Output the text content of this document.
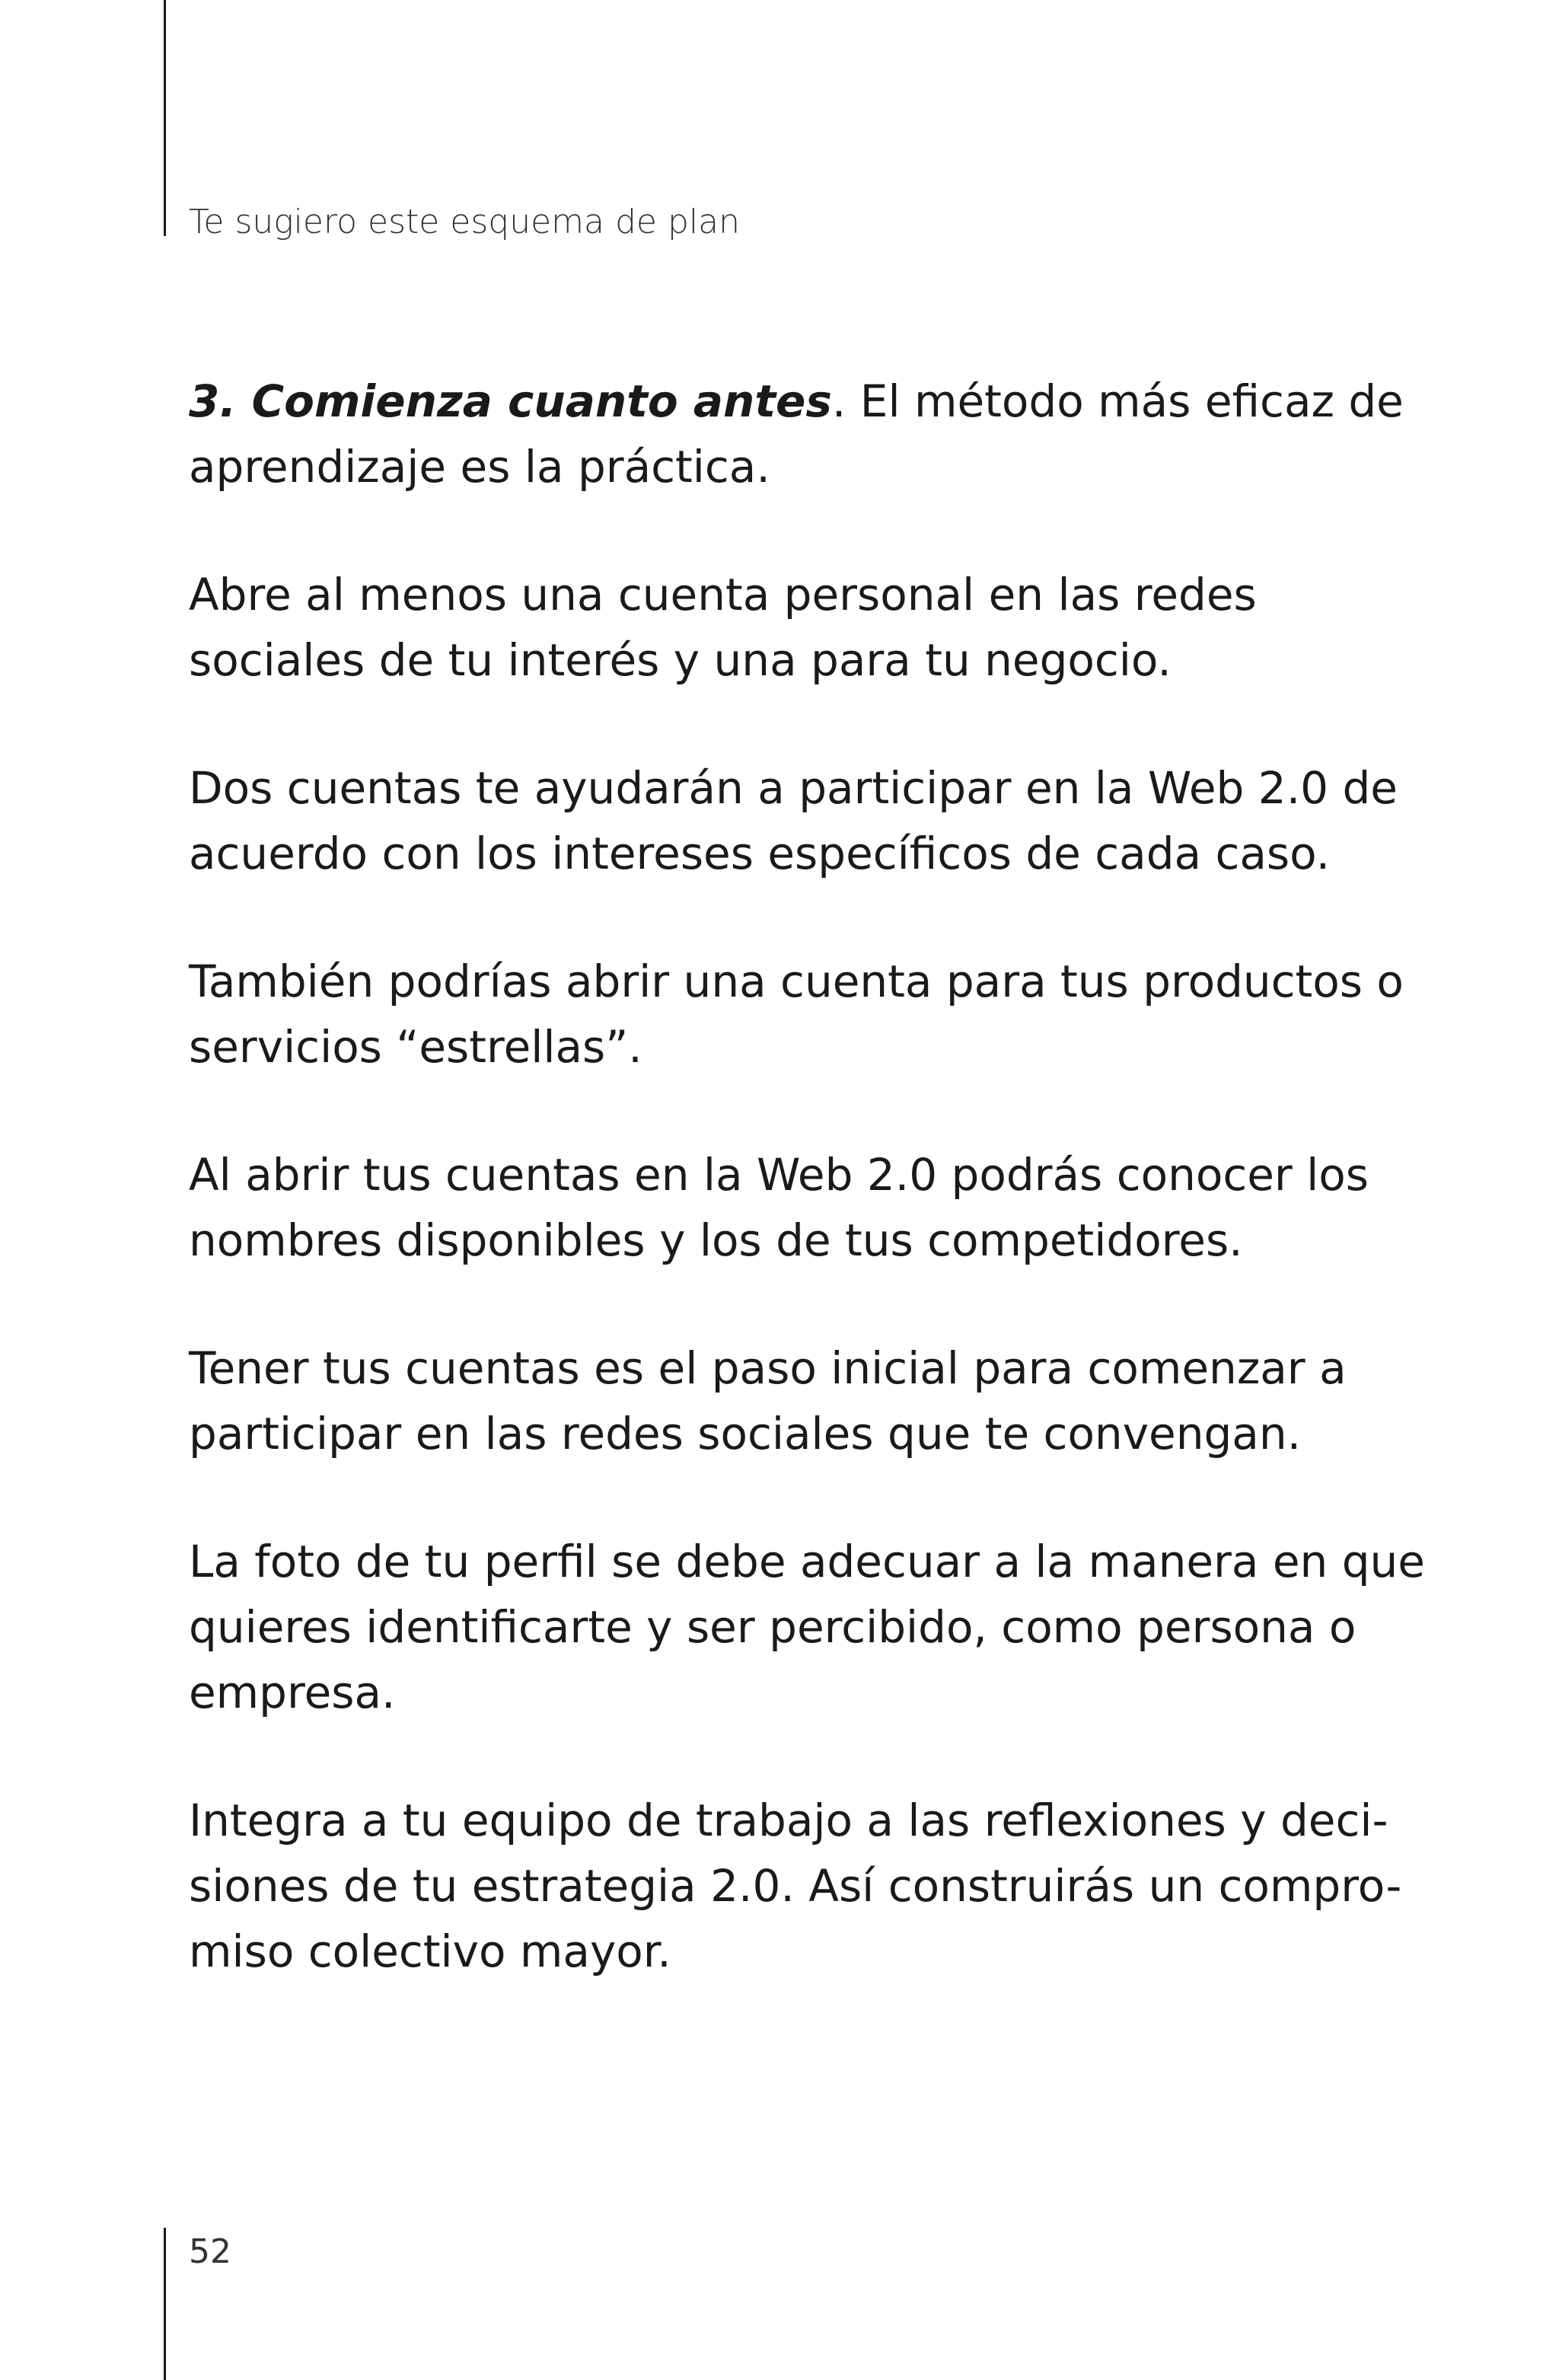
Te sugiero este esquema de plan

3. Comienza cuanto antes. El método más eficaz de
aprendizaje es la práctica.

Abre al menos una cuenta personal en las redes
sociales de tu interés y una para tu negocio.

Dos cuentas te ayudarán a participar en la Web 2.0 de
acuerdo con los intereses específicos de cada caso.

También podrías abrir una cuenta para tus productos o
servicios “estrellas”.

Al abrir tus cuentas en la Web 2.0 podrás conocer los
nombres disponibles y los de tus competidores.

Tener tus cuentas es el paso inicial para comenzar a
participar en las redes sociales que te convengan.

La foto de tu perfil se debe adecuar a la manera en que
quieres identificarte y ser percibido, como persona o
empresa.

Integra a tu equipo de trabajo a las reflexiones y deci-
siones de tu estrategia 2.0. Así construirás un compro-
miso colectivo mayor.

52
